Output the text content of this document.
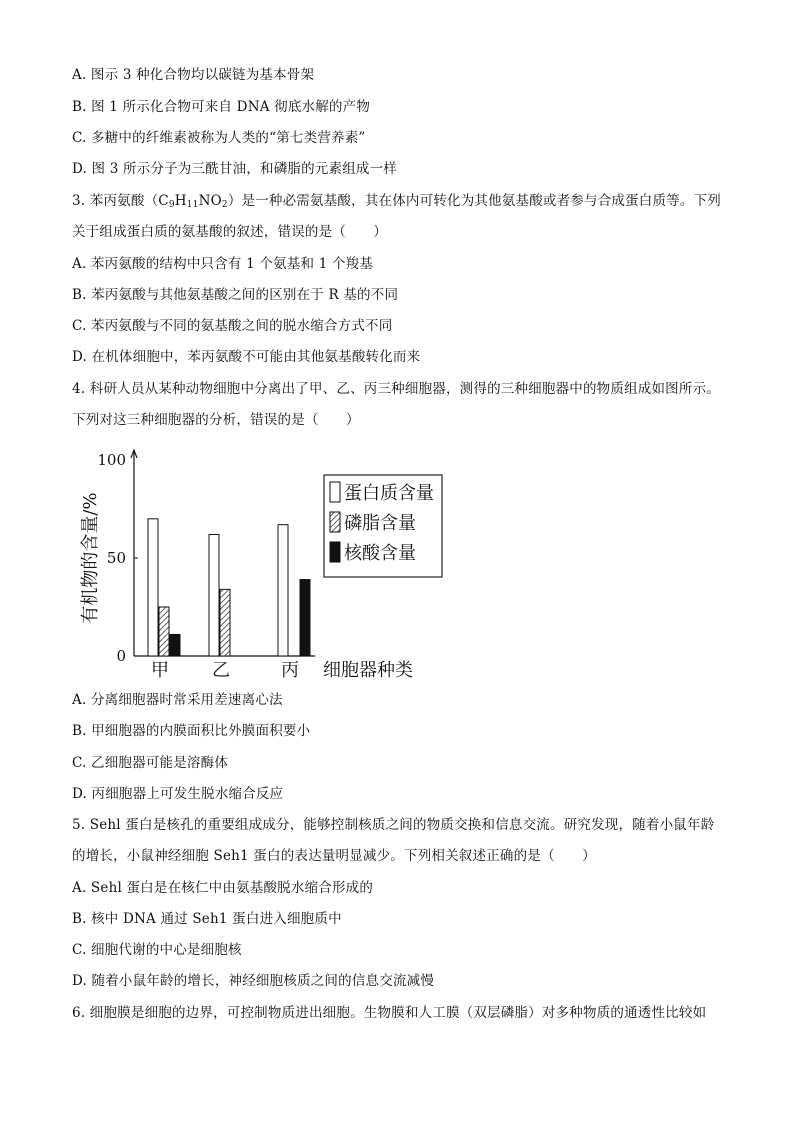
A. 图示 3 种化合物均以碳链为基本骨架
B. 图 1 所示化合物可来自 DNA 彻底水解的产物
C. 多糖中的纤维素被称为人类的“第七类营养素”
D. 图 3 所示分子为三酰甘油，和磷脂的元素组成一样
3. 苯丙氨酸$(C_9H_{11}NO_2)$是一种必需氨基酸，其在体内可转化为其他氨基酸或者参与合成蛋白质等。下列
关于组成蛋白质的氨基酸的叙述，错误的是（　　）
A. 苯丙氨酸的结构中只含有 1 个氨基和 1 个羧基
B. 苯丙氨酸与其他氨基酸之间的区别在于 R 基的不同
C. 苯丙氨酸与不同的氨基酸之间的脱水缩合方式不同
D. 在机体细胞中，苯丙氨酸不可能由其他氨基酸转化而来
4. 科研人员从某种动物细胞中分离出了甲、乙、丙三种细胞器，测得的三种细胞器中的物质组成如图所示。
下列对这三种细胞器的分析，错误的是（　　）
0
50
100
有机物的含量/%
甲 乙	丙 细胞器种类
蛋白质含量
磷脂含量
核酸含量
A. 分离细胞器时常采用差速离心法
B. 甲细胞器的内膜面积比外膜面积要小
C. 乙细胞器可能是溶酶体
D. 丙细胞器上可发生脱水缩合反应
5. Sehl 蛋白是核孔的重要组成成分，能够控制核质之间的物质交换和信息交流。研究发现，随着小鼠年龄
的增长，小鼠神经细胞 Seh1 蛋白的表达量明显减少。下列相关叙述正确的是（　　）
A. Sehl 蛋白是在核仁中由氨基酸脱水缩合形成的
B. 核中 DNA 通过 Seh1 蛋白进入细胞质中
C. 细胞代谢的中心是细胞核
D. 随着小鼠年龄的增长，神经细胞核质之间的信息交流减慢
6. 细胞膜是细胞的边界，可控制物质进出细胞。生物膜和人工膜（双层磷脂）对多种物质的通透性比较如
